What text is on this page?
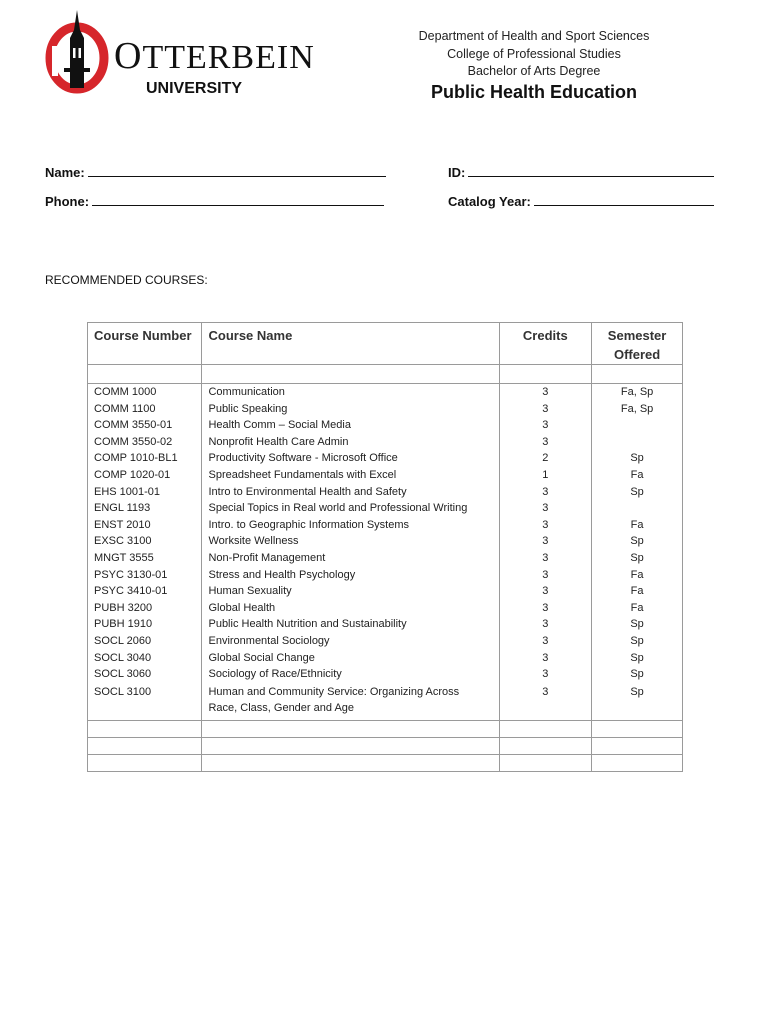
OTTERBEIN
UNIVERSITY
Department of Health and Sport Sciences
College of Professional Studies
Bachelor of Arts Degree
Public Health Education
Name:	ID:
Phone:	Catalog Year:
RECOMMENDED COURSES:
Course Number	Course Name	Credits	Semester
Offered

COMM 1000	Communication	3	Fa, Sp
COMM 1100	Public Speaking	3	Fa, Sp
COMM 3550-01	Health Comm – Social Media	3	
COMM 3550-02	Nonprofit Health Care Admin	3	
COMP 1010-BL1	Productivity Software - Microsoft Office	2	Sp
COMP 1020-01	Spreadsheet Fundamentals with Excel	1	Fa
EHS 1001-01	Intro to Environmental Health and Safety	3	Sp
ENGL 1193	Special Topics in Real world and Professional Writing	3	
ENST 2010	Intro. to Geographic Information Systems	3	Fa
EXSC 3100	Worksite Wellness	3	Sp
MNGT 3555	Non-Profit Management	3	Sp
PSYC 3130-01	Stress and Health Psychology	3	Fa
PSYC 3410-01	Human Sexuality	3	Fa
PUBH 3200	Global Health	3	Fa
PUBH 1910	Public Health Nutrition and Sustainability	3	Sp
SOCL 2060	Environmental Sociology	3	Sp
SOCL 3040	Global Social Change	3	Sp
SOCL 3060	Sociology of Race/Ethnicity	3	Sp
SOCL 3100	Human and Community Service: Organizing Across
Race, Class, Gender and Age	3	Sp
